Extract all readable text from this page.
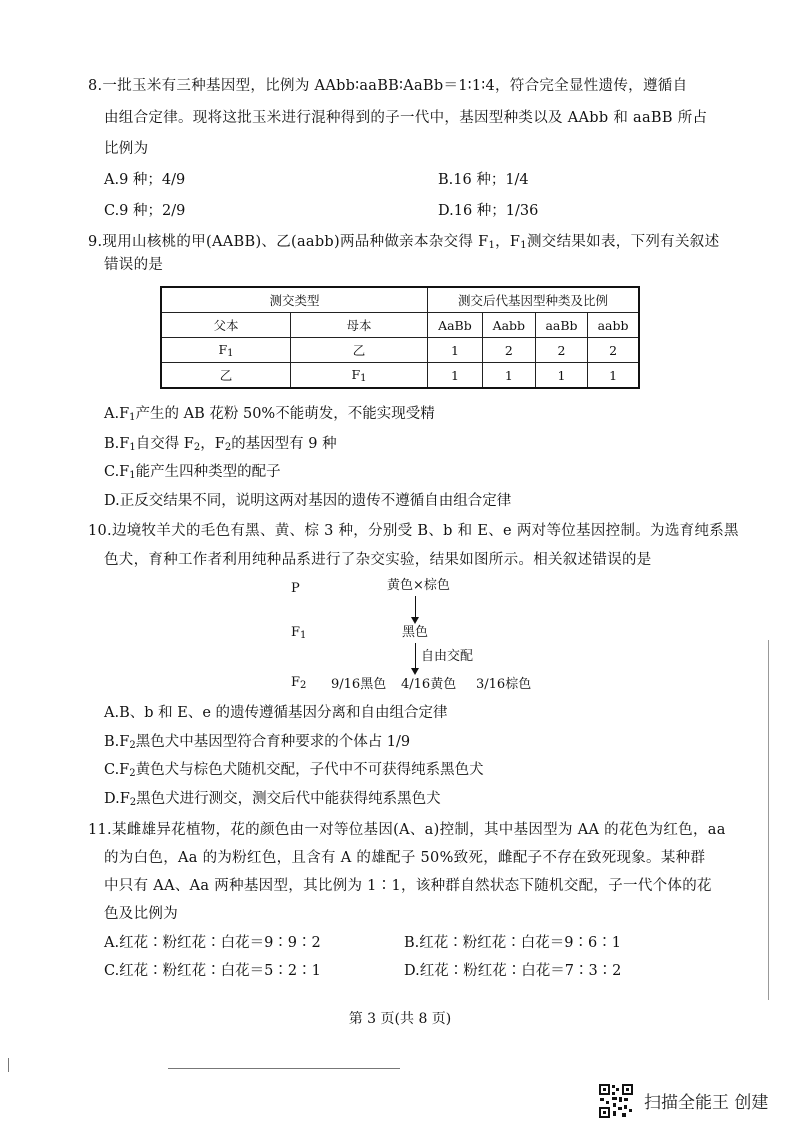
8.一批玉米有三种基因型，比例为 AAbb∶aaBB∶AaBb＝1∶1∶4，符合完全显性遗传，遵循自
由组合定律。现将这批玉米进行混种得到的子一代中，基因型种类以及 AAbb 和 aaBB 所占
比例为
A.9 种；4/9	B.16 种；1/4
C.9 种；2/9	D.16 种；1/36
9.现用山核桃的甲(AABB)、乙(aabb)两品种做亲本杂交得 $F_1$，$F_1$测交结果如表，下列有关叙述
错误的是
测交类型		测交后代基因型种类及比例			
父本	母本	AaBb	Aabb	aaBb	aabb
$F_1$	乙	1	2	2	2
乙	$F_1$	1	1	1	1
$A.F_1$产生的 AB 花粉 50%不能萌发，不能实现受精
$B.F_1$自交得 $F_2$，$F_2$的基因型有 9 种
$C.F_1$能产生四种类型的配子
D.正反交结果不同，说明这两对基因的遗传不遵循自由组合定律
10.边境牧羊犬的毛色有黑、黄、棕 3 种，分别受 B、b 和 E、e 两对等位基因控制。为选育纯系黑
色犬，育种工作者利用纯种品系进行了杂交实验，结果如图所示。相关叙述错误的是
P	黄色×棕色
$F_1$	黑色
自由交配
$F_2$ 9/16黑色 4/16黄色 3/16棕色
A.B、b 和 E、e 的遗传遵循基因分离和自由组合定律
$B.F_2$黑色犬中基因型符合育种要求的个体占 1/9
$C.F_2$黄色犬与棕色犬随机交配，子代中不可获得纯系黑色犬
$D.F_2$黑色犬进行测交，测交后代中能获得纯系黑色犬
11.某雌雄异花植物，花的颜色由一对等位基因(A、a)控制，其中基因型为 AA 的花色为红色，aa
的为白色，Aa 的为粉红色，且含有 A 的雄配子 50%致死，雌配子不存在致死现象。某种群
中只有 AA、Aa 两种基因型，其比例为 1∶1，该种群自然状态下随机交配，子一代个体的花
色及比例为
A.红花∶粉红花∶白花＝9∶9∶2	B.红花∶粉红花∶白花＝9∶6∶1
C.红花∶粉红花∶白花＝5∶2∶1	D.红花∶粉红花∶白花＝7∶3∶2
第 3 页(共 8 页)
扫描全能王 创建
